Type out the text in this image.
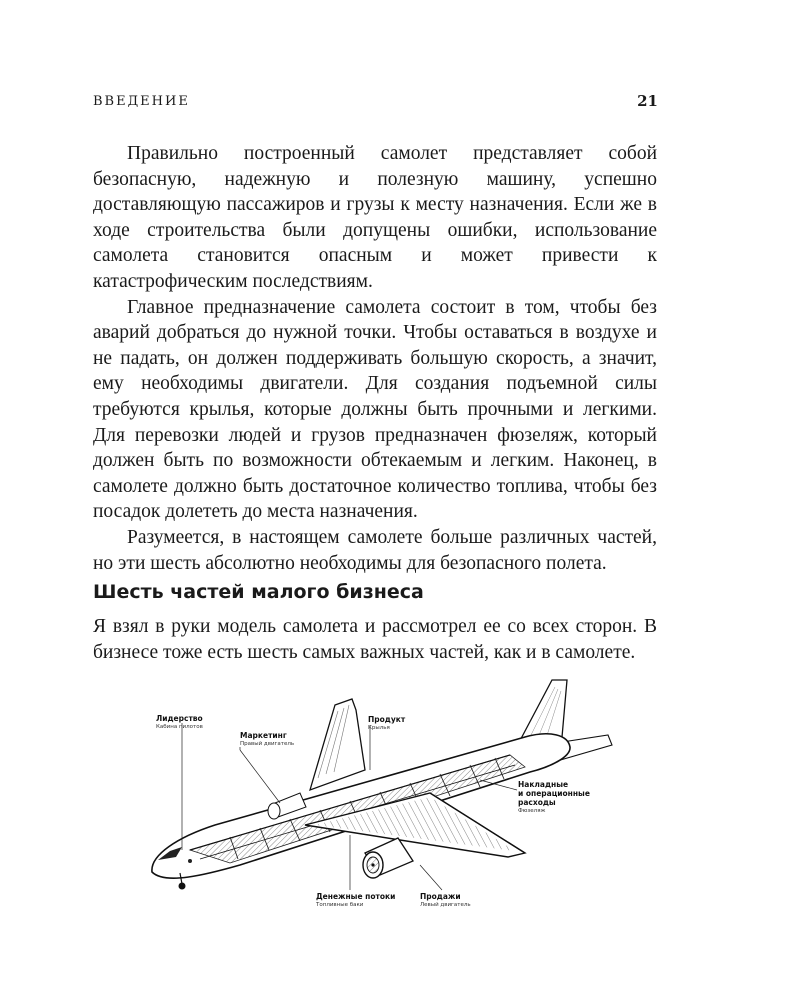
ВВЕДЕНИЕ	21

Правильно построенный самолет представляет собой безопасную, надежную и полезную машину, успешно доставляющую пассажиров и грузы к месту назначения. Если же в ходе строительства были допущены ошибки, использование самолета становится опасным и может привести к катастрофическим последствиям.

Главное предназначение самолета состоит в том, чтобы без аварий добраться до нужной точки. Чтобы оставаться в воздухе и не падать, он должен поддерживать большую скорость, а значит, ему необходимы двигатели. Для создания подъемной силы требуются крылья, которые должны быть прочными и легкими. Для перевозки людей и грузов предназначен фюзеляж, который должен быть по возможности обтекаемым и легким. Наконец, в самолете должно быть достаточное количество топлива, чтобы без посадок долететь до места назначения.

Разумеется, в настоящем самолете больше различных частей, но эти шесть абсолютно необходимы для безопасного полета.

Шесть частей малого бизнеса

Я взял в руки модель самолета и рассмотрел ее со всех сторон. В бизнесе тоже есть шесть самых важных частей, как и в самолете.

Лидерство
Кабина пилотов
Маркетинг
Правый двигатель
Продукт
Крылья
Накладные
и операционные
расходы
Фюзеляж
Денежные потоки
Топливные баки
Продажи
Левый двигатель
